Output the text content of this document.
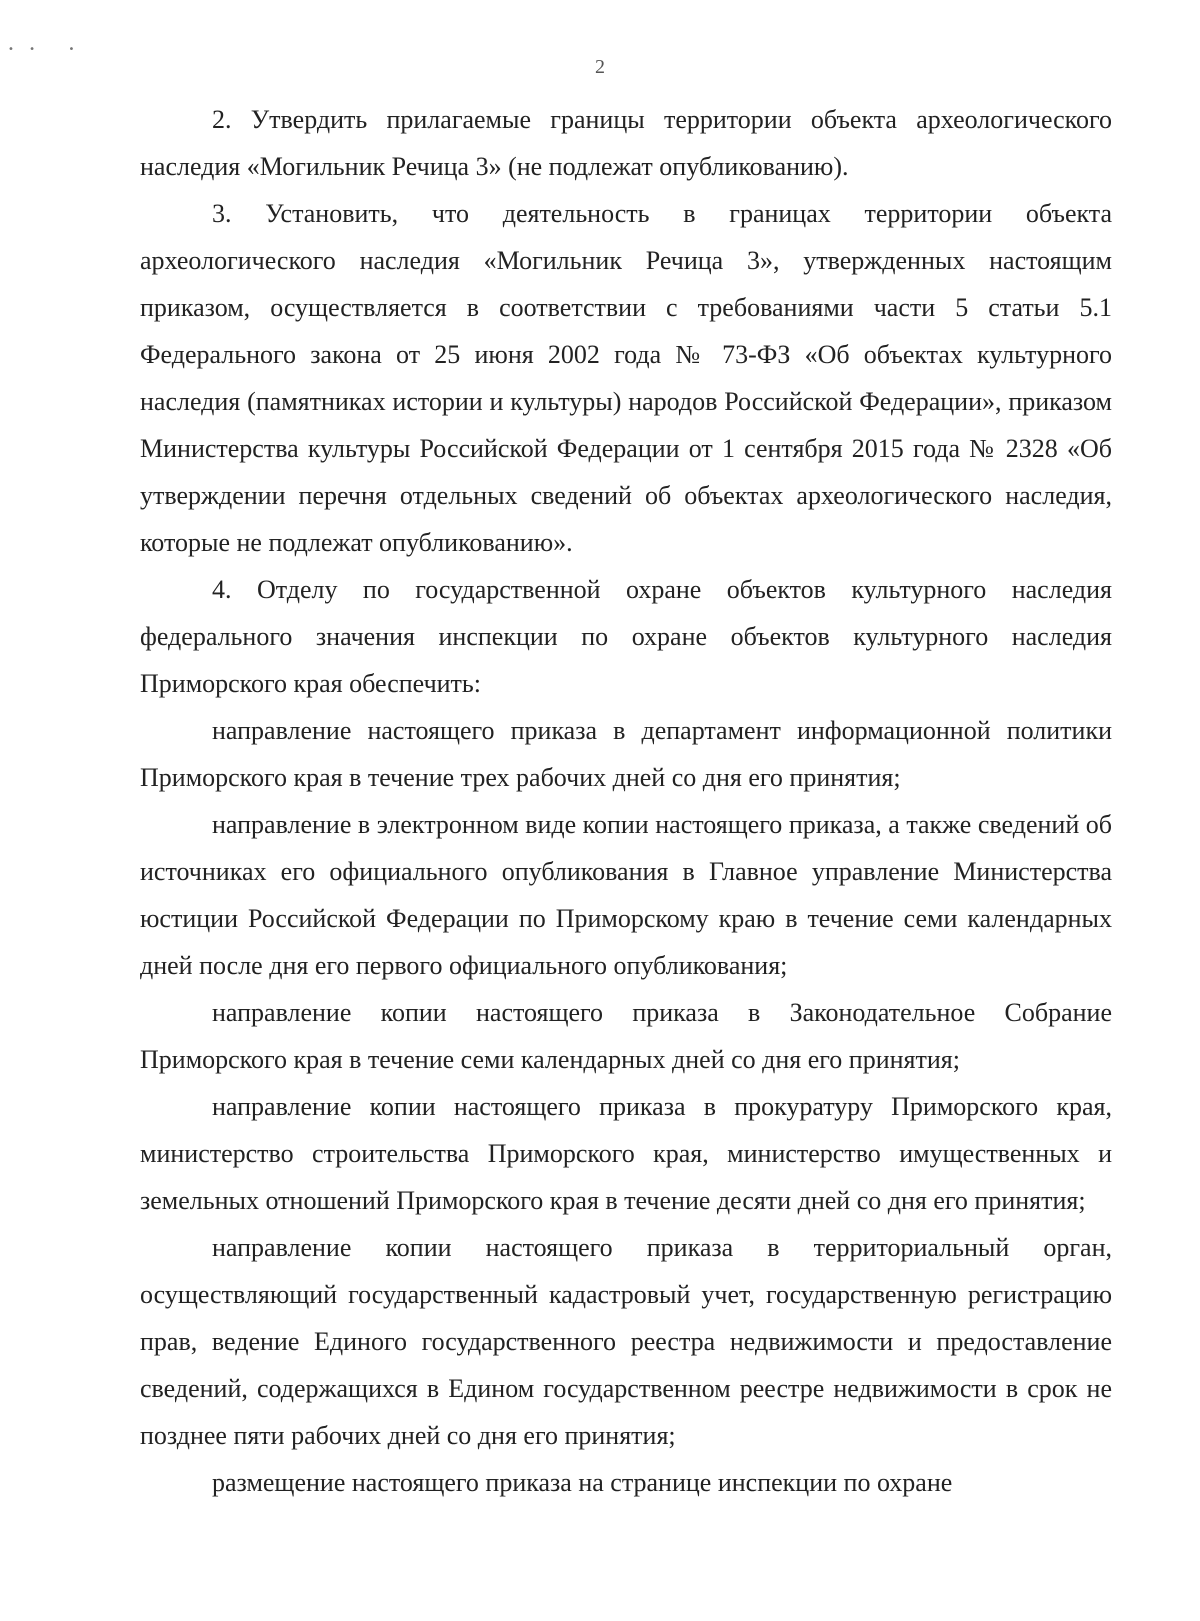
• •   •
2

2. Утвердить прилагаемые границы территории объекта археологического наследия «Могильник Речица 3» (не подлежат опубликованию).

3. Установить, что деятельность в границах территории объекта археологического наследия «Могильник Речица 3», утвержденных настоящим приказом, осуществляется в соответствии с требованиями части 5 статьи 5.1 Федерального закона от 25 июня 2002 года № 73-ФЗ «Об объектах культурного наследия (памятниках истории и культуры) народов Российской Федерации», приказом Министерства культуры Российской Федерации от 1 сентября 2015 года № 2328 «Об утверждении перечня отдельных сведений об объектах археологического наследия, которые не подлежат опубликованию».

4. Отделу по государственной охране объектов культурного наследия федерального значения инспекции по охране объектов культурного наследия Приморского края обеспечить:

направление настоящего приказа в департамент информационной политики Приморского края в течение трех рабочих дней со дня его принятия;

направление в электронном виде копии настоящего приказа, а также сведений об источниках его официального опубликования в Главное управление Министерства юстиции Российской Федерации по Приморскому краю в течение семи календарных дней после дня его первого официального опубликования;

направление копии настоящего приказа в Законодательное Собрание Приморского края в течение семи календарных дней со дня его принятия;

направление копии настоящего приказа в прокуратуру Приморского края, министерство строительства Приморского края, министерство имущественных и земельных отношений Приморского края в течение десяти дней со дня его принятия;

направление копии настоящего приказа в территориальный орган, осуществляющий государственный кадастровый учет, государственную регистрацию прав, ведение Единого государственного реестра недвижимости и предоставление сведений, содержащихся в Едином государственном реестре недвижимости в срок не позднее пяти рабочих дней со дня его принятия;

размещение настоящего приказа на странице инспекции по охране
